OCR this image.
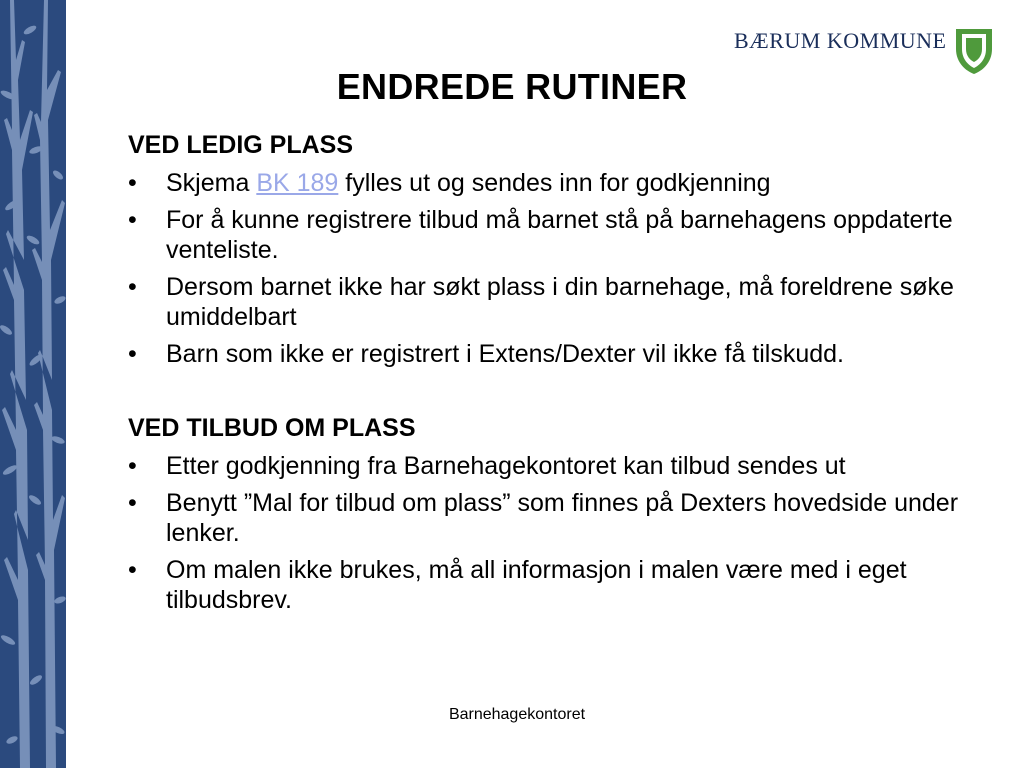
BÆRUM KOMMUNE
ENDREDE RUTINER
VED LEDIG PLASS
• Skjema BK 189 fylles ut og sendes inn for godkjenning
• For å kunne registrere tilbud må barnet stå på barnehagens oppdaterte venteliste.
• Dersom barnet ikke har søkt plass i din barnehage, må foreldrene søke umiddelbart
• Barn som ikke er registrert i Extens/Dexter vil ikke få tilskudd.
VED TILBUD OM PLASS
• Etter godkjenning fra Barnehagekontoret kan tilbud sendes ut
• Benytt ”Mal for tilbud om plass” som finnes på Dexters hovedside under lenker.
• Om malen ikke brukes, må all informasjon i malen være med i eget tilbudsbrev.
Barnehagekontoret
